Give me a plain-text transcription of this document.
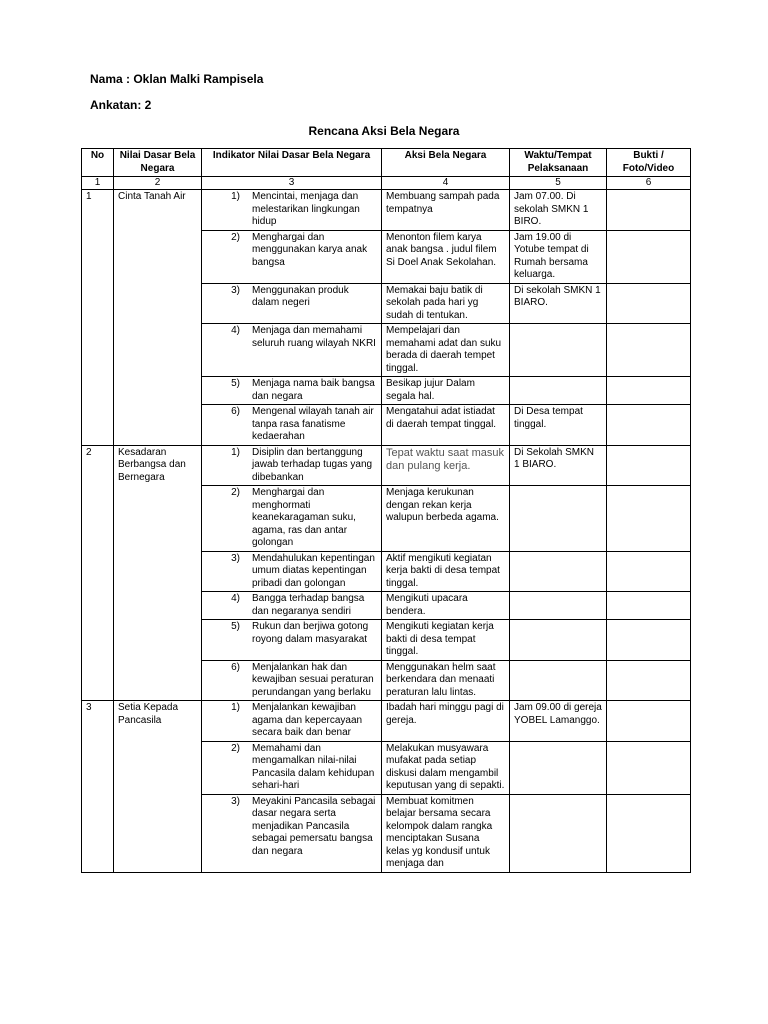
Nama : Oklan Malki Rampisela
Ankatan: 2
Rencana Aksi Bela Negara
No	Nilai Dasar Bela Negara	Indikator Nilai Dasar Bela Negara	Aksi Bela Negara	Waktu/Tempat Pelaksanaan	Bukti / Foto/Video
1	2	3	4	5	6
1	Cinta Tanah Air	1) Mencintai, menjaga dan melestarikan lingkungan hidup	Membuang sampah pada tempatnya	Jam 07.00. Di sekolah SMKN 1 BIRO.	

		2) Menghargai dan menggunakan karya anak bangsa	Menonton filem karya anak bangsa . judul filem Si Doel Anak Sekolahan.	Jam 19.00 di Yotube tempat di Rumah bersama keluarga.	

		3) Menggunakan produk dalam negeri	Memakai baju batik di sekolah pada hari yg sudah di tentukan.	Di sekolah SMKN 1 BIARO.	

		4) Menjaga dan memahami seluruh ruang wilayah NKRI	Mempelajari dan memahami adat dan suku berada di daerah tempet tinggal.		

		5) Menjaga nama baik bangsa dan negara	Besikap jujur Dalam segala hal.		

		6) Mengenal wilayah tanah air tanpa rasa fanatisme kedaerahan	Mengatahui adat istiadat di daerah tempat tinggal.	Di Desa tempat tinggal.	
2	Kesadaran Berbangsa dan Bernegara	1) Disiplin dan bertanggung jawab terhadap tugas yang dibebankan	Tepat waktu saat masuk dan pulang kerja.	Di Sekolah SMKN 1 BIARO.	

		2) Menghargai dan menghormati keanekaragaman suku, agama, ras dan antar golongan	Menjaga kerukunan dengan rekan kerja walupun berbeda agama.		

		3) Mendahulukan kepentingan umum diatas kepentingan pribadi dan golongan	Aktif mengikuti kegiatan kerja bakti di desa tempat tinggal.		

		4) Bangga terhadap bangsa dan negaranya sendiri	Mengikuti upacara bendera.		

		5) Rukun dan berjiwa gotong royong dalam masyarakat	Mengikuti kegiatan kerja bakti di desa tempat tinggal.		

		6) Menjalankan hak dan kewajiban sesuai peraturan perundangan yang berlaku	Menggunakan helm saat berkendara dan menaati peraturan lalu lintas.		
3	Setia Kepada Pancasila	1) Menjalankan kewajiban agama dan kepercayaan secara baik dan benar	Ibadah hari minggu pagi di gereja.	Jam 09.00 di gereja YOBEL Lamanggo.	

		2) Memahami dan mengamalkan nilai-nilai Pancasila dalam kehidupan sehari-hari	Melakukan musyawara mufakat pada setiap diskusi dalam mengambil keputusan yang di sepakti.		

		3) Meyakini Pancasila sebagai dasar negara serta menjadikan Pancasila sebagai pemersatu bangsa dan negara	Membuat komitmen belajar bersama secara kelompok dalam rangka menciptakan Susana kelas yg kondusif untuk menjaga dan		
